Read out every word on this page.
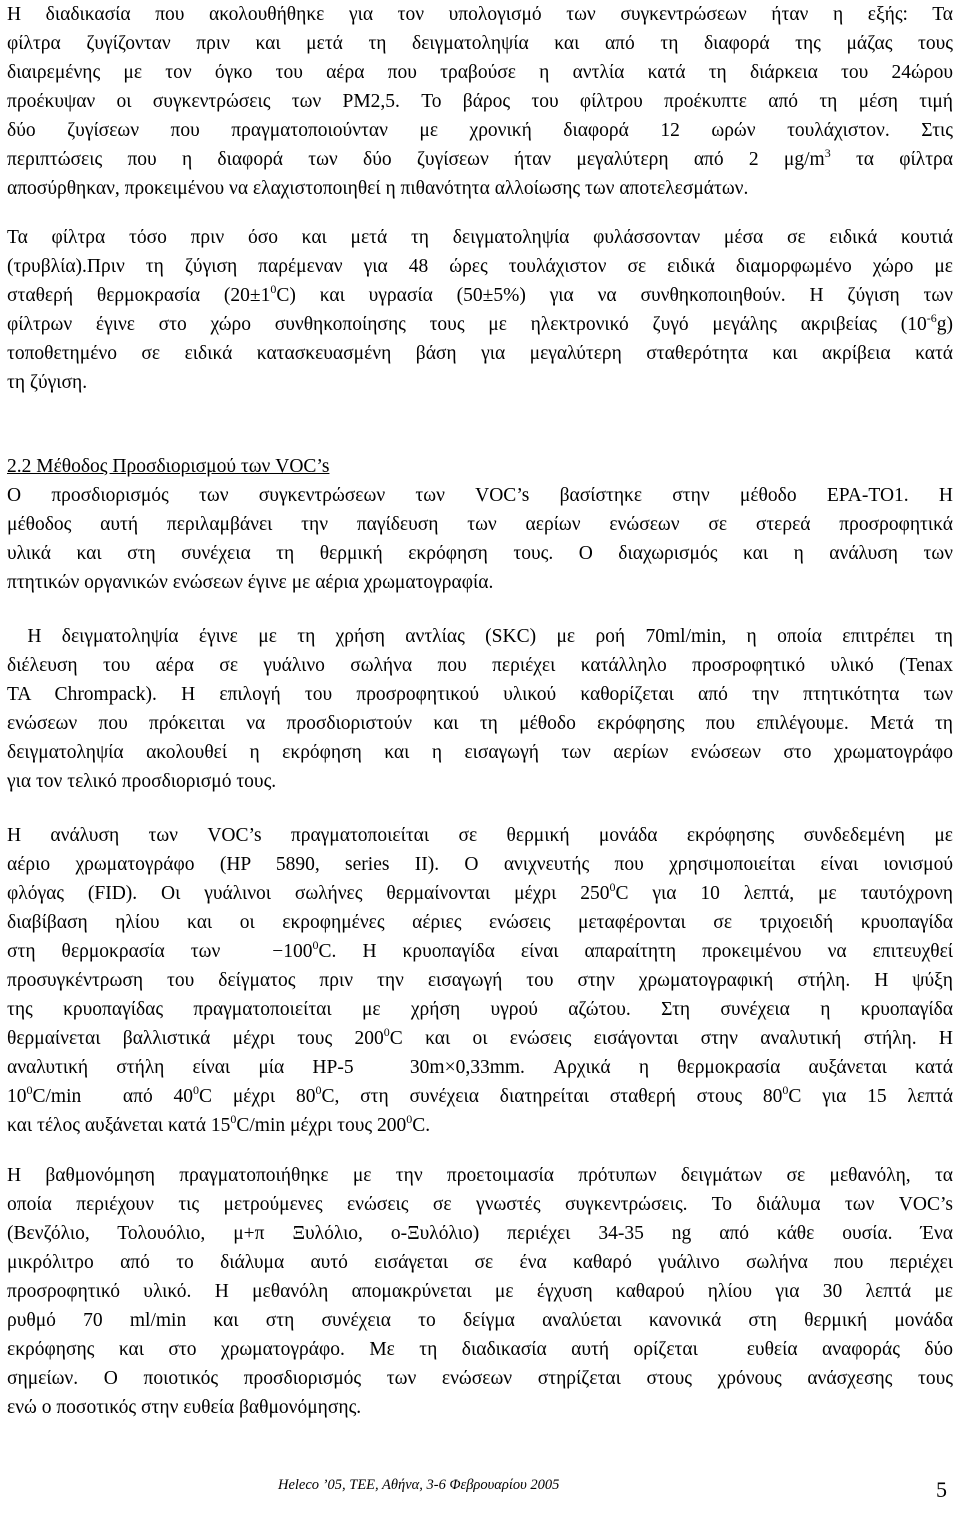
Η διαδικασία που ακολουθήθηκε για τον υπολογισμό των συγκεντρώσεων ήταν η εξής: Τα
φίλτρα ζυγίζονταν πριν και μετά τη δειγματοληψία και από τη διαφορά της μάζας τους
διαιρεμένης με τον όγκο του αέρα που τραβούσε η αντλία κατά τη διάρκεια του 24ώρου
προέκυψαν οι συγκεντρώσεις των PM2,5. Το βάρος του φίλτρου προέκυπτε από τη μέση τιμή
δύο ζυγίσεων που πραγματοποιούνταν με χρονική διαφορά 12 ωρών τουλάχιστον. Στις
περιπτώσεις που η διαφορά των δύο ζυγίσεων ήταν μεγαλύτερη από 2 $\mu g/m^3$ τα φίλτρα
αποσύρθηκαν, προκειμένου να ελαχιστοποιηθεί η πιθανότητα αλλοίωσης των αποτελεσμάτων.
Τα φίλτρα τόσο πριν όσο και μετά τη δειγματοληψία φυλάσσονταν μέσα σε ειδικά κουτιά
(τρυβλία).Πριν τη ζύγιση παρέμεναν για 48 ώρες τουλάχιστον σε ειδικά διαμορφωμένο χώρο με
σταθερή θερμοκρασία $(20\pm 1^0C)$ και υγρασία (50±5%) για να συνθηκοποιηθούν. Η ζύγιση των
φίλτρων έγινε στο χώρο συνθηκοποίησης τους με ηλεκτρονικό ζυγό μεγάλης ακριβείας $(10^{-6}g)$
τοποθετημένο σε ειδικά κατασκευασμένη βάση για μεγαλύτερη σταθερότητα και ακρίβεια κατά
τη ζύγιση.
2.2 Μέθοδος Προσδιορισμού των VOC’s
Ο προσδιορισμός των συγκεντρώσεων των VOC’s βασίστηκε στην μέθοδο EPA-TO1. Η
μέθοδος αυτή περιλαμβάνει την παγίδευση των αερίων ενώσεων σε στερεά προσροφητικά
υλικά και στη συνέχεια τη θερμική εκρόφηση τους. Ο διαχωρισμός και η ανάλυση των
πτητικών οργανικών ενώσεων έγινε με αέρια χρωματογραφία.
Η δειγματοληψία έγινε με τη χρήση αντλίας (SKC) με ροή 70ml/min, η οποία επιτρέπει τη
διέλευση του αέρα σε γυάλινο σωλήνα που περιέχει κατάλληλο προσροφητικό υλικό (Tenax
TA Chrompack). Η επιλογή του προσροφητικού υλικού καθορίζεται από την πτητικότητα των
ενώσεων που πρόκειται να προσδιοριστούν και τη μέθοδο εκρόφησης που επιλέγουμε. Μετά τη
δειγματοληψία ακολουθεί η εκρόφηση και η εισαγωγή των αερίων ενώσεων στο χρωματογράφο
για τον τελικό προσδιορισμό τους.
Η ανάλυση των VOC’s πραγματοποιείται σε θερμική μονάδα εκρόφησης συνδεδεμένη με
αέριο χρωματογράφο (HP 5890, series II). Ο ανιχνευτής που χρησιμοποιείται είναι ιονισμού
φλόγας (FID). Οι γυάλινοι σωλήνες θερμαίνονται μέχρι $250^0C$ για 10 λεπτά, με ταυτόχρονη
διαβίβαση ηλίου και οι εκροφημένες αέριες ενώσεις μεταφέρονται σε τριχοειδή κρυοπαγίδα
στη θερμοκρασία $\tau\omega\nu -100^0C$. Η κρυοπαγίδα είναι απαραίτητη προκειμένου να επιτευχθεί
προσυγκέντρωση του δείγματος πριν την εισαγωγή του στην χρωματογραφική στήλη. Η ψύξη
της κρυοπαγίδας πραγματοποιείται με χρήση υγρού αζώτου. Στη συνέχεια η κρυοπαγίδα
θερμαίνεται βαλλιστικά μέχρι τους $200^0C$ και οι ενώσεις εισάγονται στην αναλυτική στήλη. Η
αναλυτική στήλη είναι μία HP-5  30m×0,33mm. Αρχικά η θερμοκρασία αυξάνεται κατά
$10^0C/\min$  από $40^0C$ μέχρι $80^0C$, στη συνέχεια διατηρείται σταθερή στους $80^0C$ για 15 λεπτά
και τέλος αυξάνεται κατά $15^0C/\min$ μέχρι τους $200^0C$.
Η βαθμονόμηση πραγματοποιήθηκε με την προετοιμασία πρότυπων δειγμάτων σε μεθανόλη, τα
οποία περιέχουν τις μετρούμενες ενώσεις σε γνωστές συγκεντρώσεις. Το διάλυμα των VOC’s
(Βενζόλιο, Τολουόλιο, μ+π Ξυλόλιο, ο-Ξυλόλιο) περιέχει 34-35 ng από κάθε ουσία. Ένα
μικρόλιτρο από το διάλυμα αυτό εισάγεται σε ένα καθαρό γυάλινο σωλήνα που περιέχει
προσροφητικό υλικό. Η μεθανόλη απομακρύνεται με έγχυση καθαρού ηλίου για 30 λεπτά με
ρυθμό 70 ml/min και στη συνέχεια το δείγμα αναλύεται κανονικά στη θερμική μονάδα
εκρόφησης και στο χρωματογράφο. Με τη διαδικασία αυτή ορίζεται  ευθεία αναφοράς δύο
σημείων. Ο ποιοτικός προσδιορισμός των ενώσεων στηρίζεται στους χρόνους ανάσχεσης τους
ενώ ο ποσοτικός στην ευθεία βαθμονόμησης.
Heleco ’05, ΤΕΕ, Αθήνα, 3-6 Φεβρουαρίου 2005	5
